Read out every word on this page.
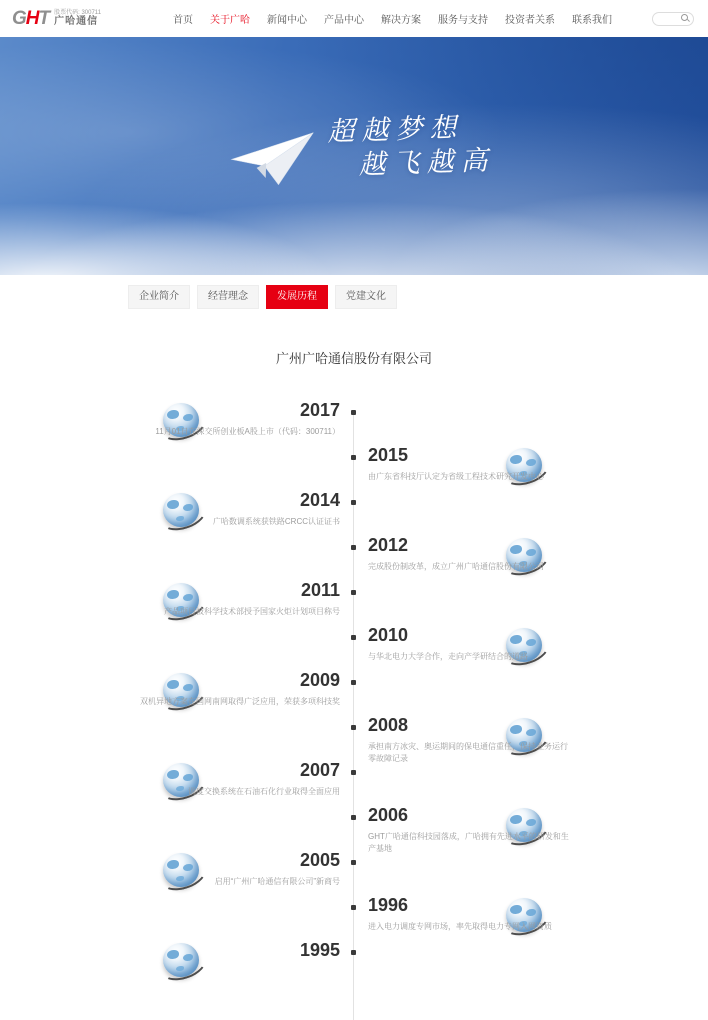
GHT 股票代码: 300711
广哈通信	首页 关于广哈 新闻中心 产品中心 解决方案 服务与支持 投资者关系 联系我们
超越梦想
越飞越高
企业简介	经营理念	发展历程	党建文化
广州广哈通信股份有限公司
2017
11月01日在深交所创业板A股上市（代码：300711）
2015
由广东省科技厅认定为省级工程技术研究开发中心
2014
广哈数调系统获铁路CRCC认证证书
2012
完成股份制改革，成立广州广哈通信股份有限公司
2011
产品项目被科学技术部授予国家火炬计划项目称号
2010
与华北电力大学合作，走向产学研结合的道路
2009
双机异地方案在国网南网取得广泛应用，荣获多项科技奖
2008
承担南方冰灾、奥运期间的保电通信重任，保持业务运行零故障记录
2007
调度交换系统在石油石化行业取得全面应用
2006
GHT广哈通信科技园落成，广哈拥有先进水平的研发和生产基地
2005
启用“广州广哈通信有限公司”新商号
1996
进入电力调度专网市场，率先取得电力专网入网资质
1995
